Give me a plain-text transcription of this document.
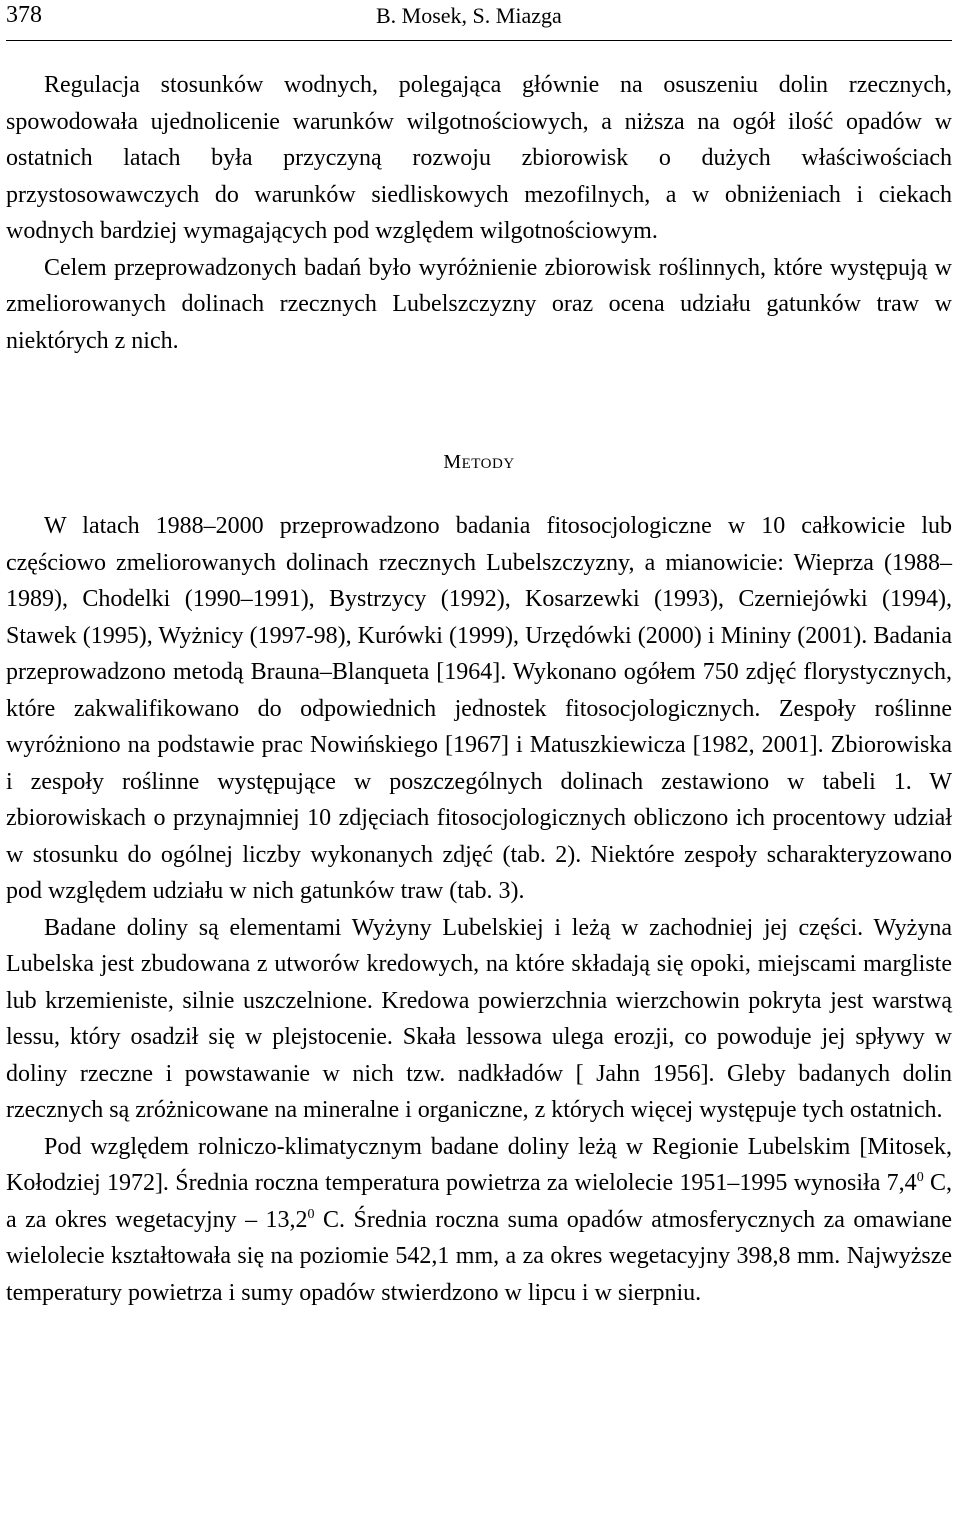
378	B. Mosek, S. Miazga

Regulacja stosunków wodnych, polegająca głównie na osuszeniu dolin rzecznych, spowodowała ujednolicenie warunków wilgotnościowych, a niższa na ogół ilość opadów w ostatnich latach była przyczyną rozwoju zbiorowisk o dużych właściwościach przystosowawczych do warunków siedliskowych mezofilnych, a w obniżeniach i ciekach wodnych bardziej wymagających pod względem wilgotnościowym.

Celem przeprowadzonych badań było wyróżnienie zbiorowisk roślinnych, które występują w zmeliorowanych dolinach rzecznych Lubelszczyzny oraz ocena udziału gatunków traw w niektórych z nich.

METODY

W latach 1988–2000 przeprowadzono badania fitosocjologiczne w 10 całkowicie lub częściowo zmeliorowanych dolinach rzecznych Lubelszczyzny, a mianowicie: Wieprza (1988–1989), Chodelki (1990–1991), Bystrzycy (1992), Kosarzewki (1993), Czerniejówki (1994), Stawek (1995), Wyżnicy (1997-98), Kurówki (1999), Urzędówki (2000) i Mininy (2001). Badania przeprowadzono metodą Brauna–Blanqueta [1964]. Wykonano ogółem 750 zdjęć florystycznych, które zakwalifikowano do odpowiednich jednostek fitosocjologicznych. Zespoły roślinne wyróżniono na podstawie prac Nowińskiego [1967] i Matuszkiewicza [1982, 2001]. Zbiorowiska i zespoły roślinne występujące w poszczególnych dolinach zestawiono w tabeli 1. W zbiorowiskach o przynajmniej 10 zdjęciach fitosocjologicznych obliczono ich procentowy udział w stosunku do ogólnej liczby wykonanych zdjęć (tab. 2). Niektóre zespoły scharakteryzowano pod względem udziału w nich gatunków traw (tab. 3).

Badane doliny są elementami Wyżyny Lubelskiej i leżą w zachodniej jej części. Wyżyna Lubelska jest zbudowana z utworów kredowych, na które składają się opoki, miejscami margliste lub krzemieniste, silnie uszczelnione. Kredowa powierzchnia wierzchowin pokryta jest warstwą lessu, który osadził się w plejstocenie. Skała lessowa ulega erozji, co powoduje jej spływy w doliny rzeczne i powstawanie w nich tzw. nadkładów [ Jahn 1956]. Gleby badanych dolin rzecznych są zróżnicowane na mineralne i organiczne, z których więcej występuje tych ostatnich.

Pod względem rolniczo-klimatycznym badane doliny leżą w Regionie Lubelskim [Mitosek, Kołodziej 1972]. Średnia roczna temperatura powietrza za wielolecie 1951–1995 wynosiła $7,4^0$ C, a za okres wegetacyjny – 13,2$^0$ C. Średnia roczna suma opadów atmosferycznych za omawiane wielolecie kształtowała się na poziomie 542,1 mm, a za okres wegetacyjny 398,8 mm. Najwyższe temperatury powietrza i sumy opadów stwierdzono w lipcu i w sierpniu.
